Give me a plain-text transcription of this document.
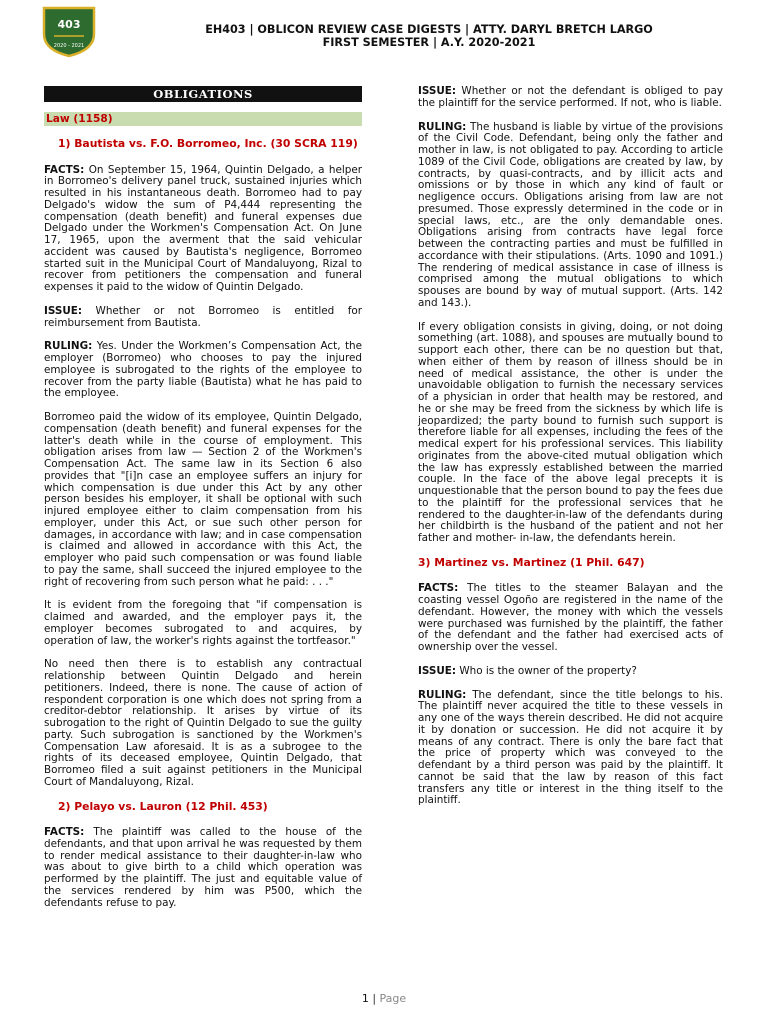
403
2020 - 2021
EH403 | OBLICON REVIEW CASE DIGESTS | ATTY. DARYL BRETCH LARGO
FIRST SEMESTER | A.Y. 2020-2021
OBLIGATIONS
Law (1158)
1) Bautista vs. F.O. Borromeo, Inc. (30 SCRA 119)

FACTS: On September 15, 1964, Quintin Delgado, a helper in Borromeo's delivery panel truck, sustained injuries which resulted in his instantaneous death. Borromeo had to pay Delgado's widow the sum of P4,444 representing the compensation (death benefit) and funeral expenses due Delgado under the Workmen's Compensation Act. On June 17, 1965, upon the averment that the said vehicular accident was caused by Bautista's negligence, Borromeo started suit in the Municipal Court of Mandaluyong, Rizal to recover from petitioners the compensation and funeral expenses it paid to the widow of Quintin Delgado.

ISSUE: Whether or not Borromeo is entitled for reimbursement from Bautista.

RULING: Yes. Under the Workmen’s Compensation Act, the employer (Borromeo) who chooses to pay the injured employee is subrogated to the rights of the employee to recover from the party liable (Bautista) what he has paid to the employee.

Borromeo paid the widow of its employee, Quintin Delgado, compensation (death benefit) and funeral expenses for the latter's death while in the course of employment. This obligation arises from law — Section 2 of the Workmen's Compensation Act. The same law in its Section 6 also provides that "[i]n case an employee suffers an injury for which compensation is due under this Act by any other person besides his employer, it shall be optional with such injured employee either to claim compensation from his employer, under this Act, or sue such other person for damages, in accordance with law; and in case compensation is claimed and allowed in accordance with this Act, the employer who paid such compensation or was found liable to pay the same, shall succeed the injured employee to the right of recovering from such person what he paid: . . ."

It is evident from the foregoing that "if compensation is claimed and awarded, and the employer pays it, the employer becomes subrogated to and acquires, by operation of law, the worker's rights against the tortfeasor."

No need then there is to establish any contractual relationship between Quintin Delgado and herein petitioners. Indeed, there is none. The cause of action of respondent corporation is one which does not spring from a creditor-debtor relationship. It arises by virtue of its subrogation to the right of Quintin Delgado to sue the guilty party. Such subrogation is sanctioned by the Workmen's Compensation Law aforesaid. It is as a subrogee to the rights of its deceased employee, Quintin Delgado, that Borromeo filed a suit against petitioners in the Municipal Court of Mandaluyong, Rizal.

2) Pelayo vs. Lauron (12 Phil. 453)

FACTS: The plaintiff was called to the house of the defendants, and that upon arrival he was requested by them to render medical assistance to their daughter-in-law who was about to give birth to a child which operation was performed by the plaintiff. The just and equitable value of the services rendered by him was P500, which the defendants refuse to pay.

ISSUE: Whether or not the defendant is obliged to pay the plaintiff for the service performed. If not, who is liable.

RULING: The husband is liable by virtue of the provisions of the Civil Code. Defendant, being only the father and mother in law, is not obligated to pay. According to article 1089 of the Civil Code, obligations are created by law, by contracts, by quasi-contracts, and by illicit acts and omissions or by those in which any kind of fault or negligence occurs. Obligations arising from law are not presumed. Those expressly determined in the code or in special laws, etc., are the only demandable ones. Obligations arising from contracts have legal force between the contracting parties and must be fulfilled in accordance with their stipulations. (Arts. 1090 and 1091.) The rendering of medical assistance in case of illness is comprised among the mutual obligations to which spouses are bound by way of mutual support. (Arts. 142 and 143.).

If every obligation consists in giving, doing, or not doing something (art. 1088), and spouses are mutually bound to support each other, there can be no question but that, when either of them by reason of illness should be in need of medical assistance, the other is under the unavoidable obligation to furnish the necessary services of a physician in order that health may be restored, and he or she may be freed from the sickness by which life is jeopardized; the party bound to furnish such support is therefore liable for all expenses, including the fees of the medical expert for his professional services. This liability originates from the above-cited mutual obligation which the law has expressly established between the married couple. In the face of the above legal precepts it is unquestionable that the person bound to pay the fees due to the plaintiff for the professional services that he rendered to the daughter-in-law of the defendants during her childbirth is the husband of the patient and not her father and mother- in-law, the defendants herein.

3) Martinez vs. Martinez (1 Phil. 647)

FACTS: The titles to the steamer Balayan and the coasting vessel Ogoño are registered in the name of the defendant. However, the money with which the vessels were purchased was furnished by the plaintiff, the father of the defendant and the father had exercised acts of ownership over the vessel.

ISSUE: Who is the owner of the property?

RULING: The defendant, since the title belongs to his. The plaintiff never acquired the title to these vessels in any one of the ways therein described. He did not acquire it by donation or succession. He did not acquire it by means of any contract. There is only the bare fact that the price of property which was conveyed to the defendant by a third person was paid by the plaintiff. It cannot be said that the law by reason of this fact transfers any title or interest in the thing itself to the plaintiff.

1 | Page
